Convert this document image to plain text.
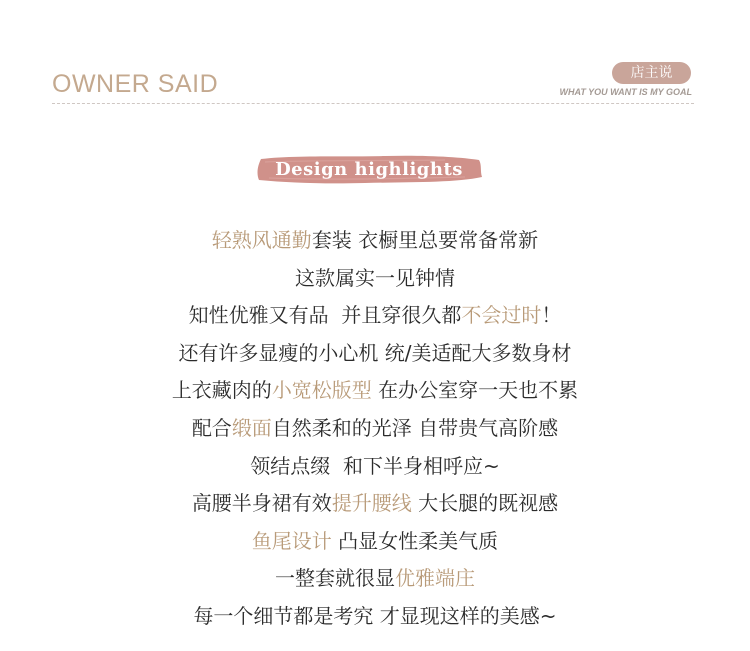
OWNER SAID	店主说
WHAT YOU WANT IS MY GOAL
Design highlights
轻熟风通勤套装 衣橱里总要常备常新
这款属实一见钟情
知性优雅又有品  并且穿很久都不会过时！
还有许多显瘦的小心机 统/美适配大多数身材
上衣藏肉的小宽松版型 在办公室穿一天也不累
配合缎面自然柔和的光泽 自带贵气高阶感
领结点缀  和下半身相呼应~
高腰半身裙有效提升腰线 大长腿的既视感
鱼尾设计 凸显女性柔美气质
一整套就很显优雅端庄
每一个细节都是考究 才显现这样的美感~
